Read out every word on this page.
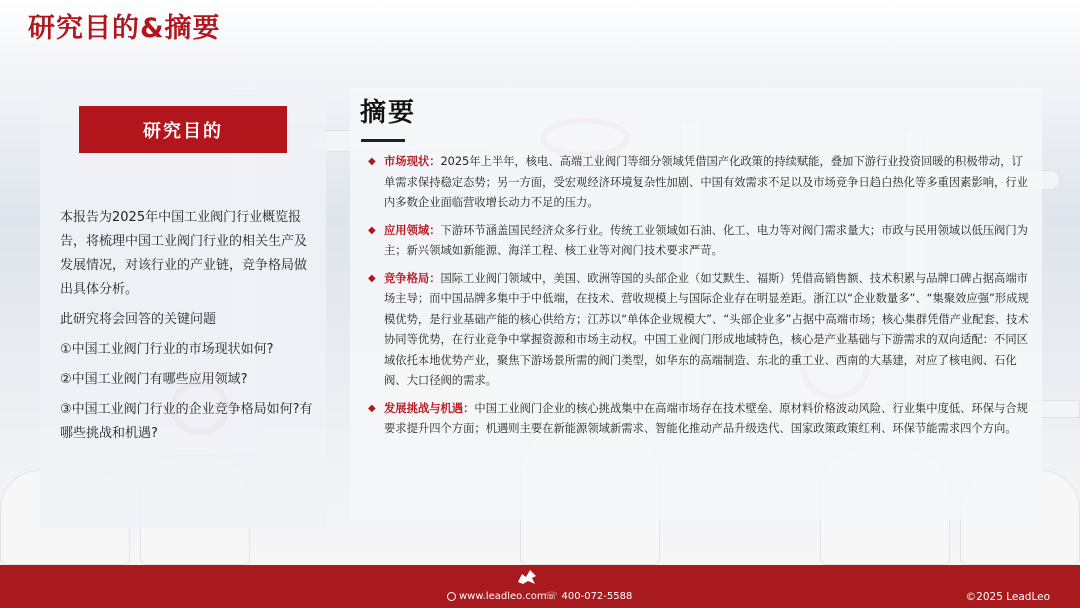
研究目的&摘要
研究目的

本报告为2025年中国工业阀门行业概览报告，将梳理中国工业阀门行业的相关生产及发展情况，对该行业的产业链，竞争格局做出具体分析。

此研究将会回答的关键问题

①中国工业阀门行业的市场现状如何?

②中国工业阀门有哪些应用领域?

③中国工业阀门行业的企业竞争格局如何?有哪些挑战和机遇?

摘要
◆ 市场现状：2025年上半年，核电、高端工业阀门等细分领域凭借国产化政策的持续赋能，叠加下游行业投资回暖的积极带动，订单需求保持稳定态势；另一方面，受宏观经济环境复杂性加剧、中国有效需求不足以及市场竞争日趋白热化等多重因素影响，行业内多数企业面临营收增长动力不足的压力。
◆ 应用领域：下游环节涵盖国民经济众多行业。传统工业领域如石油、化工、电力等对阀门需求量大；市政与民用领域以低压阀门为主；新兴领域如新能源、海洋工程、核工业等对阀门技术要求严苛。
◆ 竞争格局：国际工业阀门领域中，美国、欧洲等国的头部企业（如艾默生、福斯）凭借高销售额、技术积累与品牌口碑占据高端市场主导；而中国品牌多集中于中低端，在技术、营收规模上与国际企业存在明显差距。浙江以“企业数量多”、“集聚效应强”形成规模优势，是行业基础产能的核心供给方；江苏以“单体企业规模大”、“头部企业多”占据中高端市场；核心集群凭借产业配套、技术协同等优势，在行业竞争中掌握资源和市场主动权。中国工业阀门形成地域特色，核心是产业基础与下游需求的双向适配：不同区域依托本地优势产业，聚焦下游场景所需的阀门类型，如华东的高端制造、东北的重工业、西南的大基建，对应了核电阀、石化阀、大口径阀的需求。
◆ 发展挑战与机遇：中国工业阀门企业的核心挑战集中在高端市场存在技术壁垒、原材料价格波动风险、行业集中度低、环保与合规要求提升四个方面；机遇则主要在新能源领域新需求、智能化推动产品升级迭代、国家政策政策红利、环保节能需求四个方向。
www.leadleo.com
☏ 400-072-5588	©2025 LeadLeo
